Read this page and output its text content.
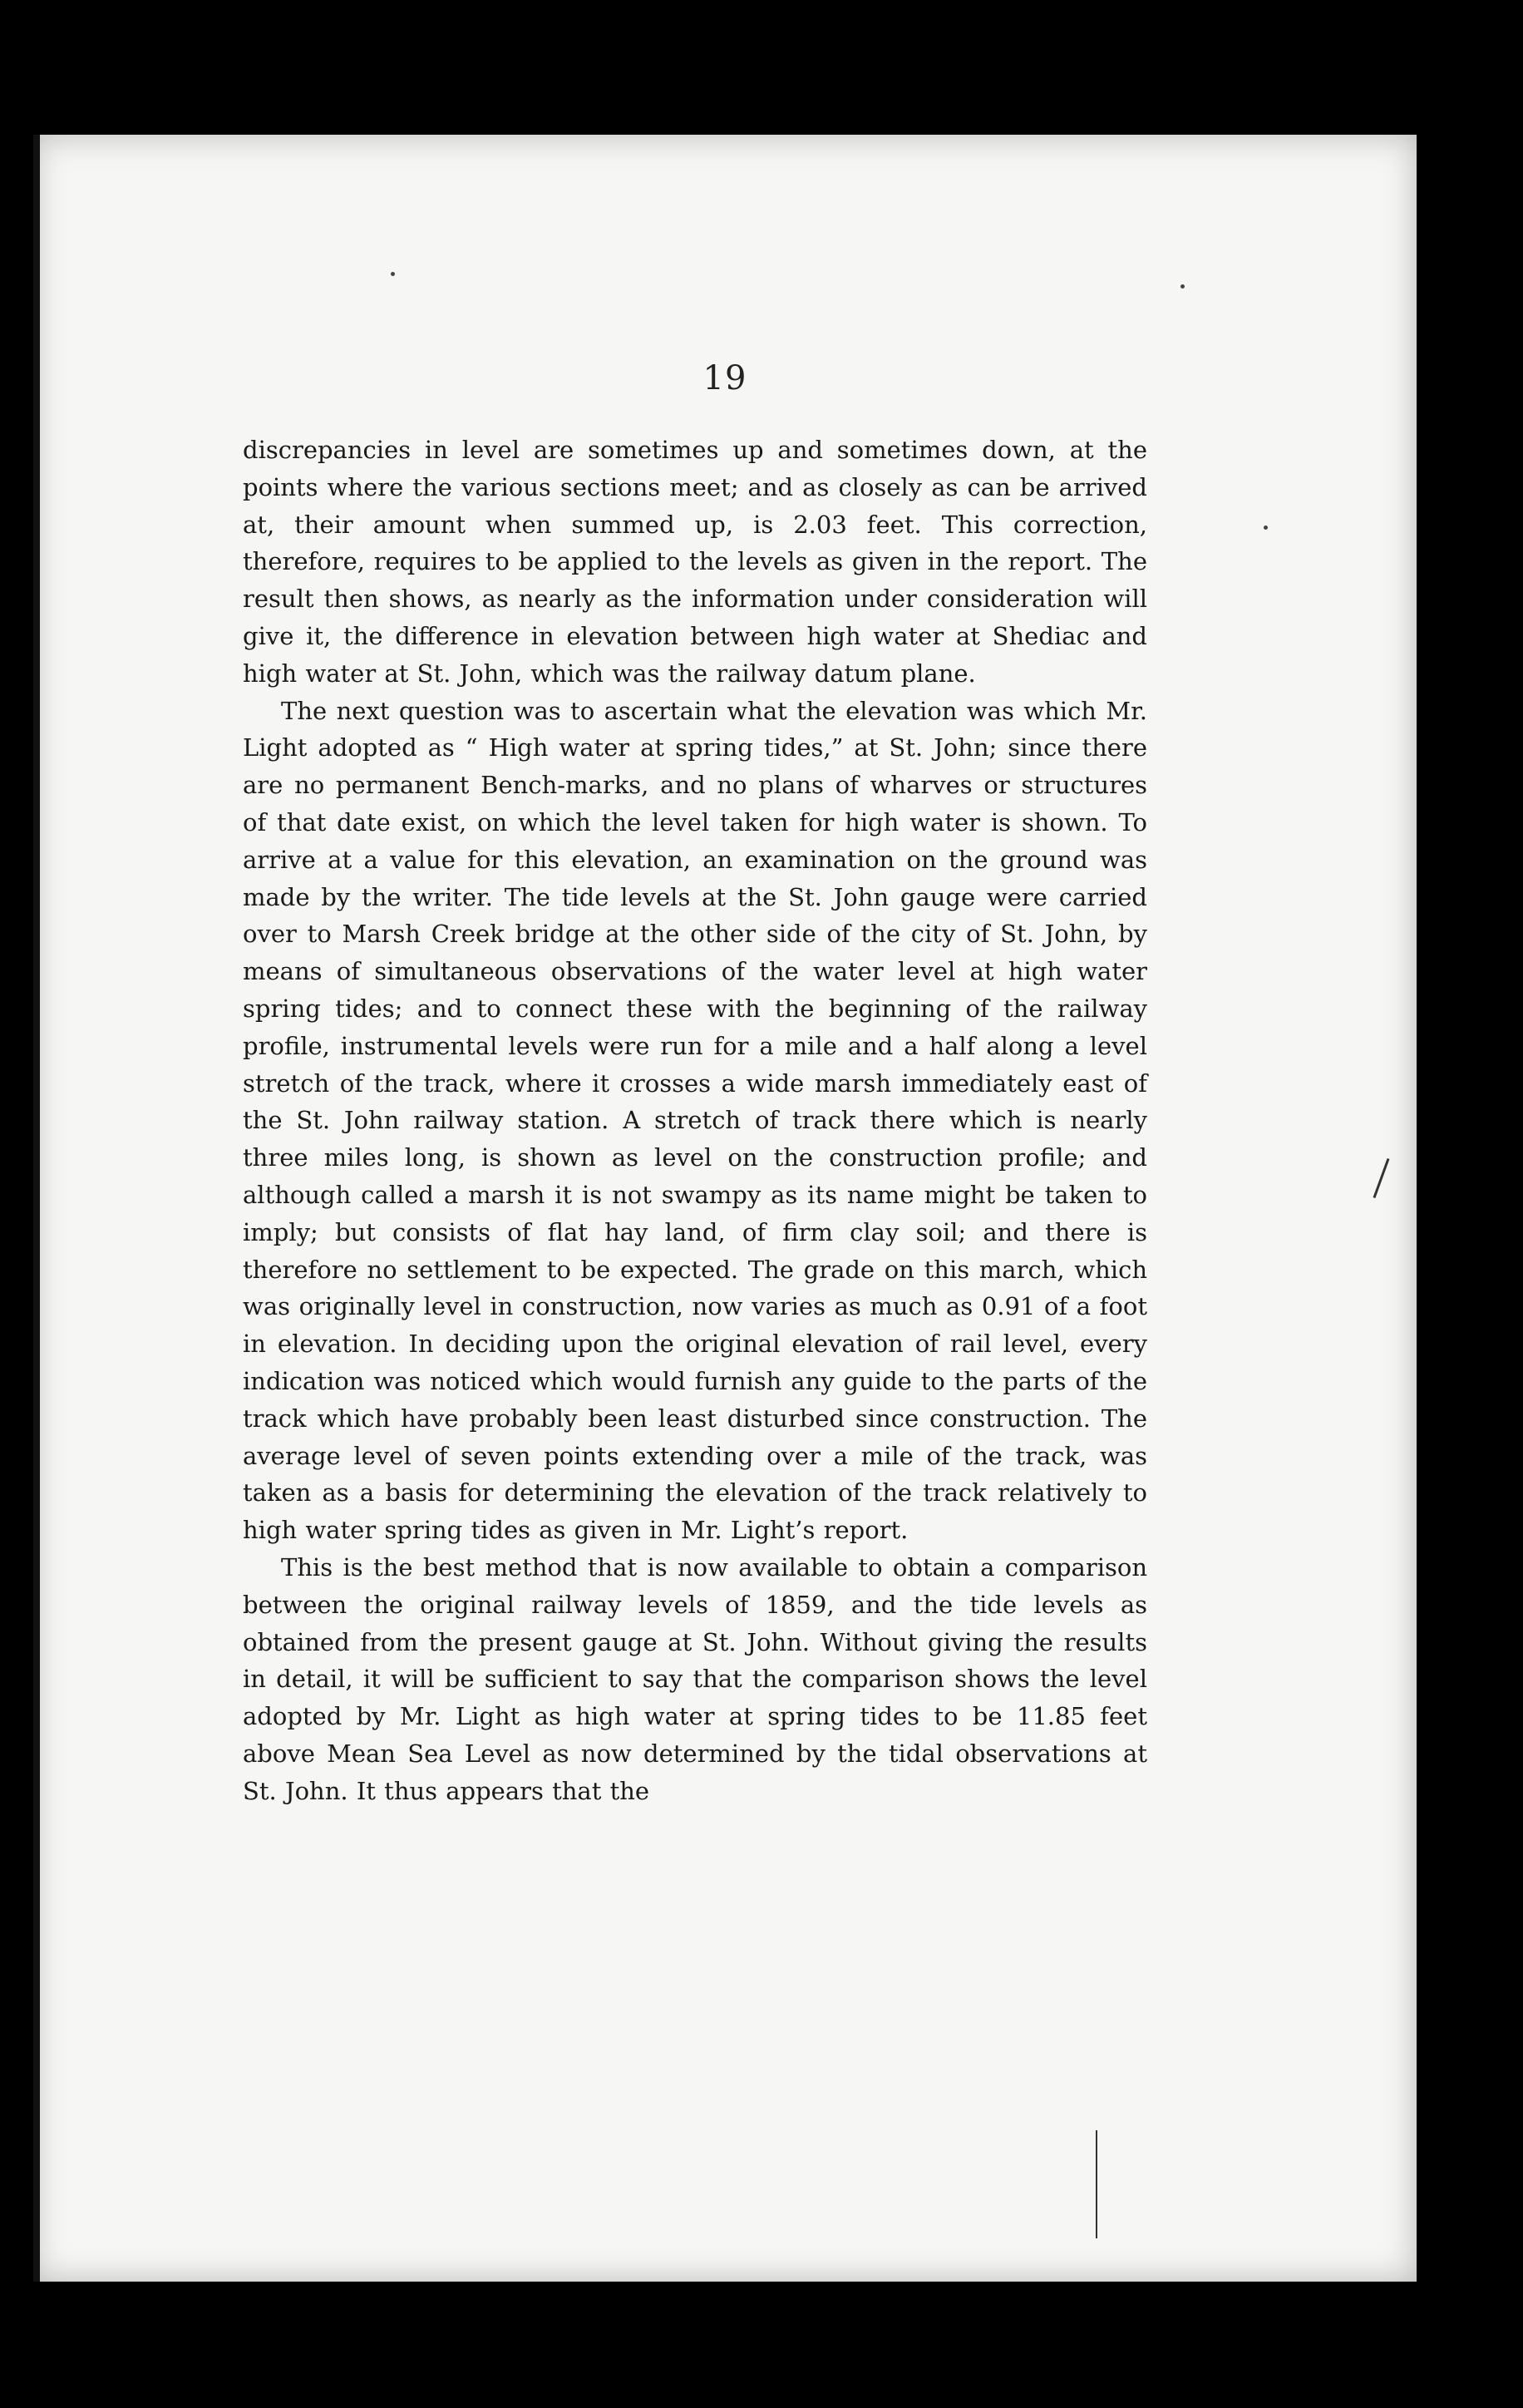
19

discrepancies in level are sometimes up and sometimes down, at the points where the various sections meet; and as closely as can be arrived at, their amount when summed up, is 2.03 feet. This correction, therefore, requires to be applied to the levels as given in the report. The result then shows, as nearly as the information under consideration will give it, the difference in elevation between high water at Shediac and high water at St. John, which was the railway datum plane.

The next question was to ascertain what the elevation was which Mr. Light adopted as “ High water at spring tides,” at St. John; since there are no permanent Bench-marks, and no plans of wharves or structures of that date exist, on which the level taken for high water is shown. To arrive at a value for this elevation, an examination on the ground was made by the writer. The tide levels at the St. John gauge were carried over to Marsh Creek bridge at the other side of the city of St. John, by means of simultaneous observations of the water level at high water spring tides; and to connect these with the beginning of the railway profile, instrumental levels were run for a mile and a half along a level stretch of the track, where it crosses a wide marsh immediately east of the St. John railway station. A stretch of track there which is nearly three miles long, is shown as level on the construction profile; and although called a marsh it is not swampy as its name might be taken to imply; but consists of flat hay land, of firm clay soil; and there is therefore no settlement to be expected. The grade on this march, which was originally level in construction, now varies as much as 0.91 of a foot in elevation. In deciding upon the original elevation of rail level, every indication was noticed which would furnish any guide to the parts of the track which have probably been least disturbed since construction. The average level of seven points extending over a mile of the track, was taken as a basis for determining the elevation of the track relatively to high water spring tides as given in Mr. Light’s report.

This is the best method that is now available to obtain a comparison between the original railway levels of 1859, and the tide levels as obtained from the present gauge at St. John. Without giving the results in detail, it will be sufficient to say that the comparison shows the level adopted by Mr. Light as high water at spring tides to be 11.85 feet above Mean Sea Level as now determined by the tidal observations at St. John. It thus appears that the
